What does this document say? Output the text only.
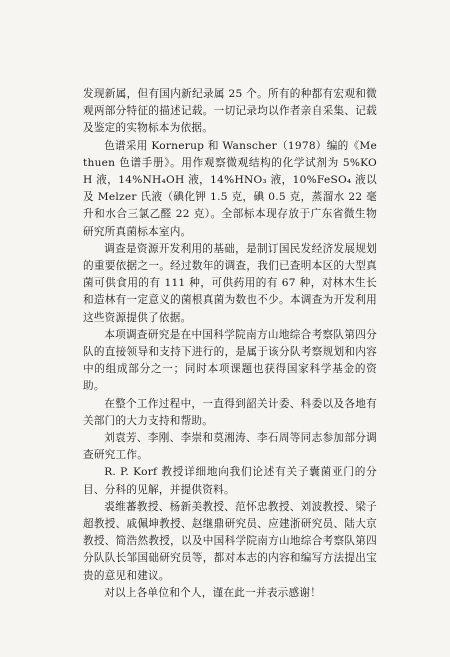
发现新属，但有国内新纪录属 25 个。所有的种都有宏观和微观两部分特征的描述记载。一切记录均以作者亲自采集、记载及鉴定的实物标本为依据。

色谱采用 Kornerup 和 Wanscher（1978）编的《Methuen 色谱手册》。用作观察微观结构的化学试剂为 5%KOH 液，14%NH₄OH 液，14%HNO₃ 液，10%FeSO₄ 液以及 Melzer 氏液（碘化钾 1.5 克，碘 0.5 克，蒸溜水 22 毫升和水合三氯乙醛 22 克）。全部标本现存放于广东省微生物研究所真菌标本室内。

调查是资源开发利用的基础，是制订国民发经济发展规划的重要依据之一。经过数年的调查，我们已查明本区的大型真菌可供食用的有 111 种，可供药用的有 67 种，对林木生长和造林有一定意义的菌根真菌为数也不少。本调查为开发利用这些资源提供了依据。

本项调查研究是在中国科学院南方山地综合考察队第四分队的直接领导和支持下进行的，是属于该分队考察规划和内容中的组成部分之一；同时本项课题也获得国家科学基金的资助。

在整个工作过程中，一直得到韶关计委、科委以及各地有关部门的大力支持和帮助。

刘袁芳、李刚、李崇和莫湘涛、李石周等同志参加部分调查研究工作。

R. P. Korf 教授详细地向我们论述有关子囊菌亚门的分目、分科的见解，并提供资料。

裘维蕃教授、杨新美教授、范怀忠教授、刘波教授、梁子超教授、戚佩坤教授、赵继鼎研究员、应建浙研究员、陆大京教授、简浩然教授，以及中国科学院南方山地综合考察队第四分队队长邹国础研究员等，都对本志的内容和编写方法提出宝贵的意见和建议。

对以上各单位和个人，谨在此一并表示感谢！
